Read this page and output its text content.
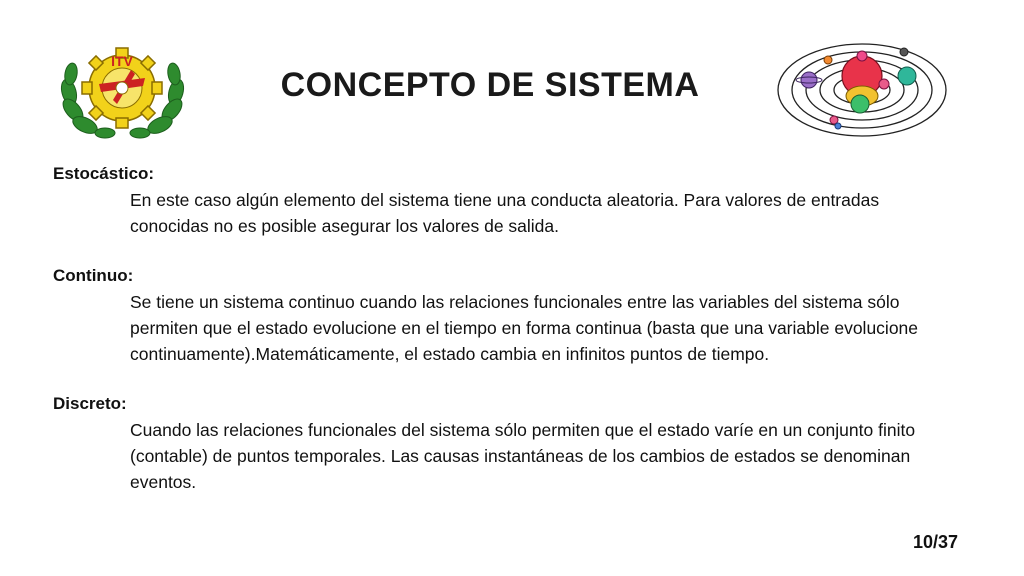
ITV
CONCEPTO DE SISTEMA
Estocástico:
En este caso algún elemento del sistema tiene una conducta aleatoria. Para valores de entradas conocidas no es posible asegurar los valores de salida.
Continuo:
Se tiene un sistema continuo cuando las relaciones funcionales entre las variables del sistema sólo permiten que el estado evolucione en el tiempo en forma continua (basta que una variable evolucione continuamente).Matemáticamente, el estado cambia en infinitos puntos de tiempo.
Discreto:
Cuando las relaciones funcionales del sistema sólo permiten que el estado varíe en un conjunto finito (contable) de puntos temporales. Las causas instantáneas de los cambios de estados se denominan eventos.
10/37
